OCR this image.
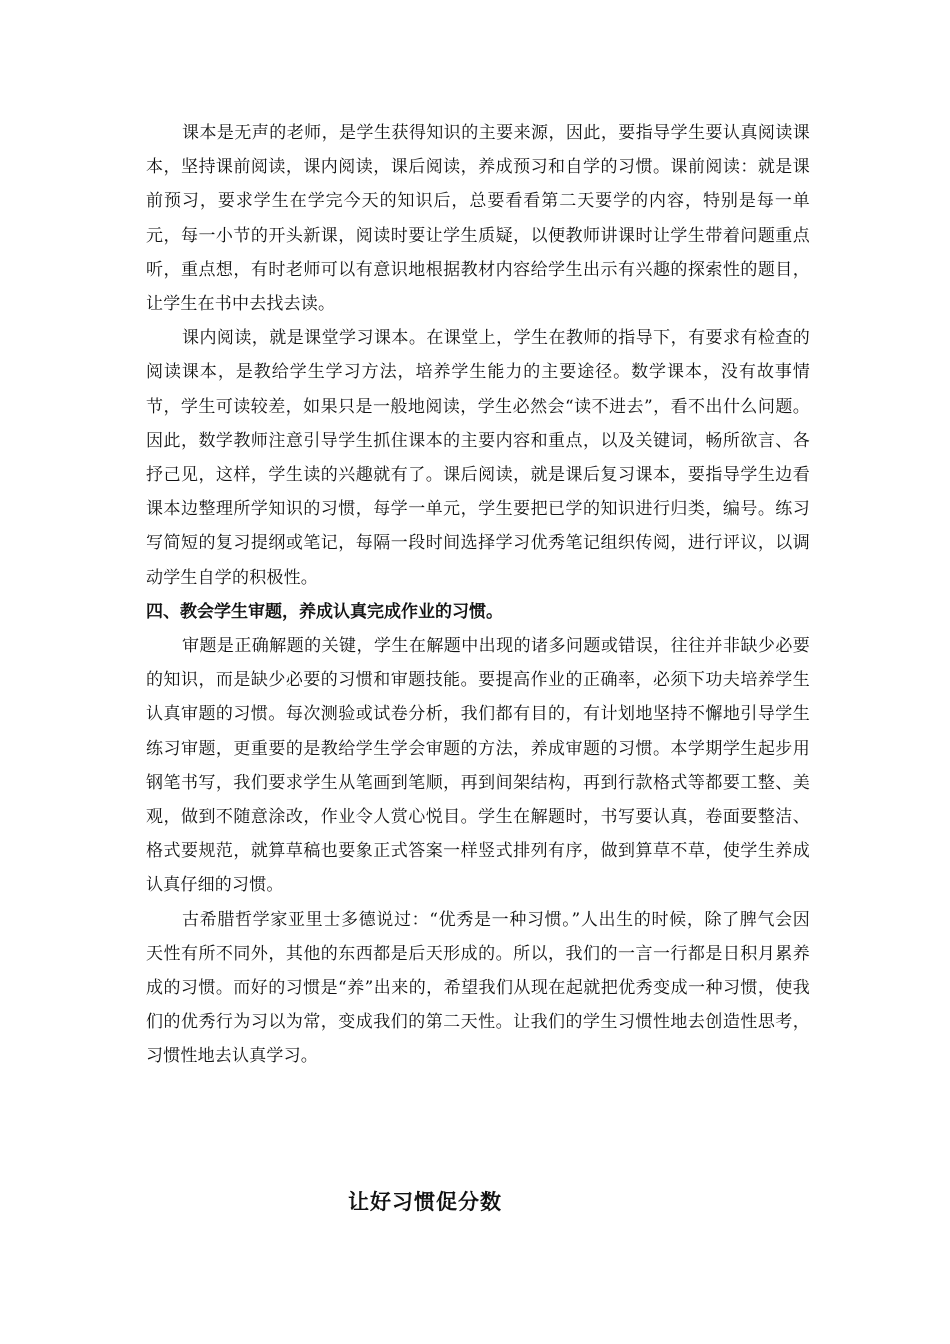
课本是无声的老师，是学生获得知识的主要来源，因此，要指导学生要认真阅读课本，坚持课前阅读，课内阅读，课后阅读，养成预习和自学的习惯。课前阅读：就是课前预习，要求学生在学完今天的知识后，总要看看第二天要学的内容，特别是每一单元，每一小节的开头新课，阅读时要让学生质疑，以便教师讲课时让学生带着问题重点听，重点想，有时老师可以有意识地根据教材内容给学生出示有兴趣的探索性的题目，让学生在书中去找去读。

课内阅读，就是课堂学习课本。在课堂上，学生在教师的指导下，有要求有检查的阅读课本，是教给学生学习方法，培养学生能力的主要途径。数学课本，没有故事情节，学生可读较差，如果只是一般地阅读，学生必然会“读不进去”，看不出什么问题。因此，数学教师注意引导学生抓住课本的主要内容和重点，以及关键词，畅所欲言、各抒己见，这样，学生读的兴趣就有了。课后阅读，就是课后复习课本，要指导学生边看课本边整理所学知识的习惯，每学一单元，学生要把已学的知识进行归类，编号。练习写简短的复习提纲或笔记，每隔一段时间选择学习优秀笔记组织传阅，进行评议，以调动学生自学的积极性。

四、教会学生审题，养成认真完成作业的习惯。

审题是正确解题的关键，学生在解题中出现的诸多问题或错误，往往并非缺少必要的知识，而是缺少必要的习惯和审题技能。要提高作业的正确率，必须下功夫培养学生认真审题的习惯。每次测验或试卷分析，我们都有目的，有计划地坚持不懈地引导学生练习审题，更重要的是教给学生学会审题的方法，养成审题的习惯。本学期学生起步用钢笔书写，我们要求学生从笔画到笔顺，再到间架结构，再到行款格式等都要工整、美观，做到不随意涂改，作业令人赏心悦目。学生在解题时，书写要认真，卷面要整洁、格式要规范，就算草稿也要象正式答案一样竖式排列有序，做到算草不草，使学生养成认真仔细的习惯。

古希腊哲学家亚里士多德说过：“优秀是一种习惯。”人出生的时候，除了脾气会因天性有所不同外，其他的东西都是后天形成的。所以，我们的一言一行都是日积月累养成的习惯。而好的习惯是“养”出来的，希望我们从现在起就把优秀变成一种习惯，使我们的优秀行为习以为常，变成我们的第二天性。让我们的学生习惯性地去创造性思考，习惯性地去认真学习。

让好习惯促分数
